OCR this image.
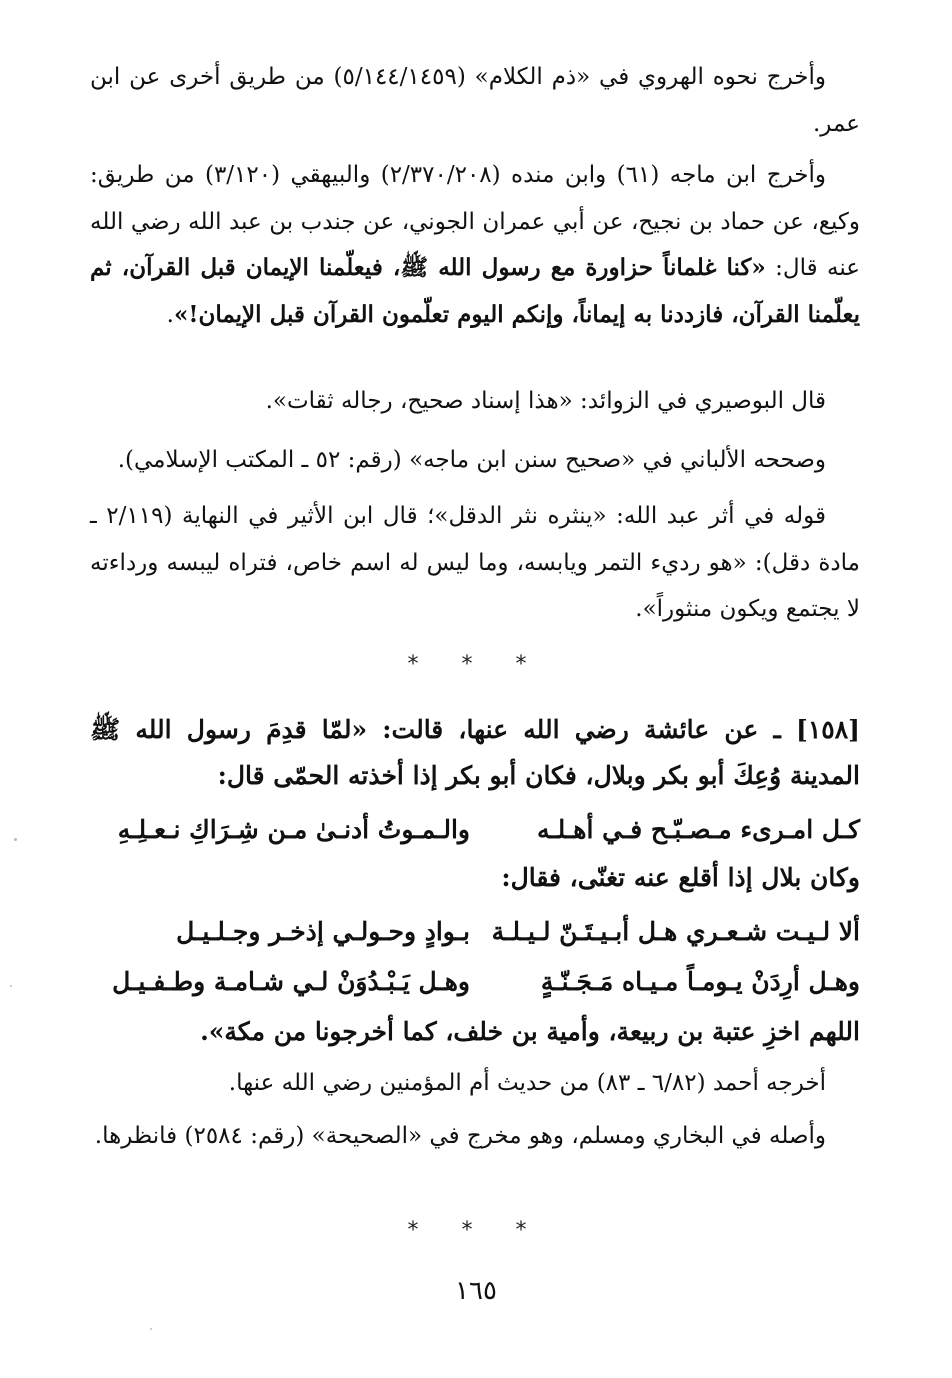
وأخرج نحوه الهروي في «ذم الكلام» (٥/١٤٤/١٤٥٩) من طريق أخرى عن ابن عمر.
وأخرج ابن ماجه (٦١) وابن منده (٢/٣٧٠/٢٠٨) والبيهقي (٣/١٢٠) من طريق: وكيع، عن حماد بن نجيح، عن أبي عمران الجوني، عن جندب بن عبد الله رضي الله عنه قال: «كنا غلماناً حزاورة مع رسول الله ﷺ، فيعلّمنا الإيمان قبل القرآن، ثم يعلّمنا القرآن، فازددنا به إيماناً، وإنكم اليوم تعلّمون القرآن قبل الإيمان!».
قال البوصيري في الزوائد: «هذا إسناد صحيح، رجاله ثقات».
وصححه الألباني في «صحيح سنن ابن ماجه» (رقم: ٥٢ ـ المكتب الإسلامي).
قوله في أثر عبد الله: «ينثره نثر الدقل»؛ قال ابن الأثير في النهاية (٢/١١٩ ـ مادة دقل): «هو رديء التمر ويابسه، وما ليس له اسم خاص، فتراه ليبسه ورداءته لا يجتمع ويكون منثوراً».
* * *
[١٥٨] ـ عن عائشة رضي الله عنها، قالت: «لمّا قدِمَ رسول الله ﷺ المدينة وُعِكَ أبو بكر وبلال، فكان أبو بكر إذا أخذته الحمّى قال:
كـل امـرىء مـصـبّـح فـي أهـلـه
والـمـوتُ أدنـىٰ مـن شِـرَاكِ نـعـلِـهِ
وكان بلال إذا أقلع عنه تغنّى، فقال:
ألا لـيـت شـعـري هـل أبـيـتَـنّ لـيـلـة
بـوادٍ وحـولـي إذخـر وجـلـيـل
وهـل أرِدَنْ يـومـاً مـيـاه مَـجَـنّـةٍ
وهـل يَـبْـدُوَنْ لـي شـامـة وطـفـيـل
اللهم اخزِ عتبة بن ربيعة، وأمية بن خلف، كما أخرجونا من مكة».
أخرجه أحمد (٦/٨٢ ـ ٨٣) من حديث أم المؤمنين رضي الله عنها.
وأصله في البخاري ومسلم، وهو مخرج في «الصحيحة» (رقم: ٢٥٨٤) فانظرها.
* * *
١٦٥
